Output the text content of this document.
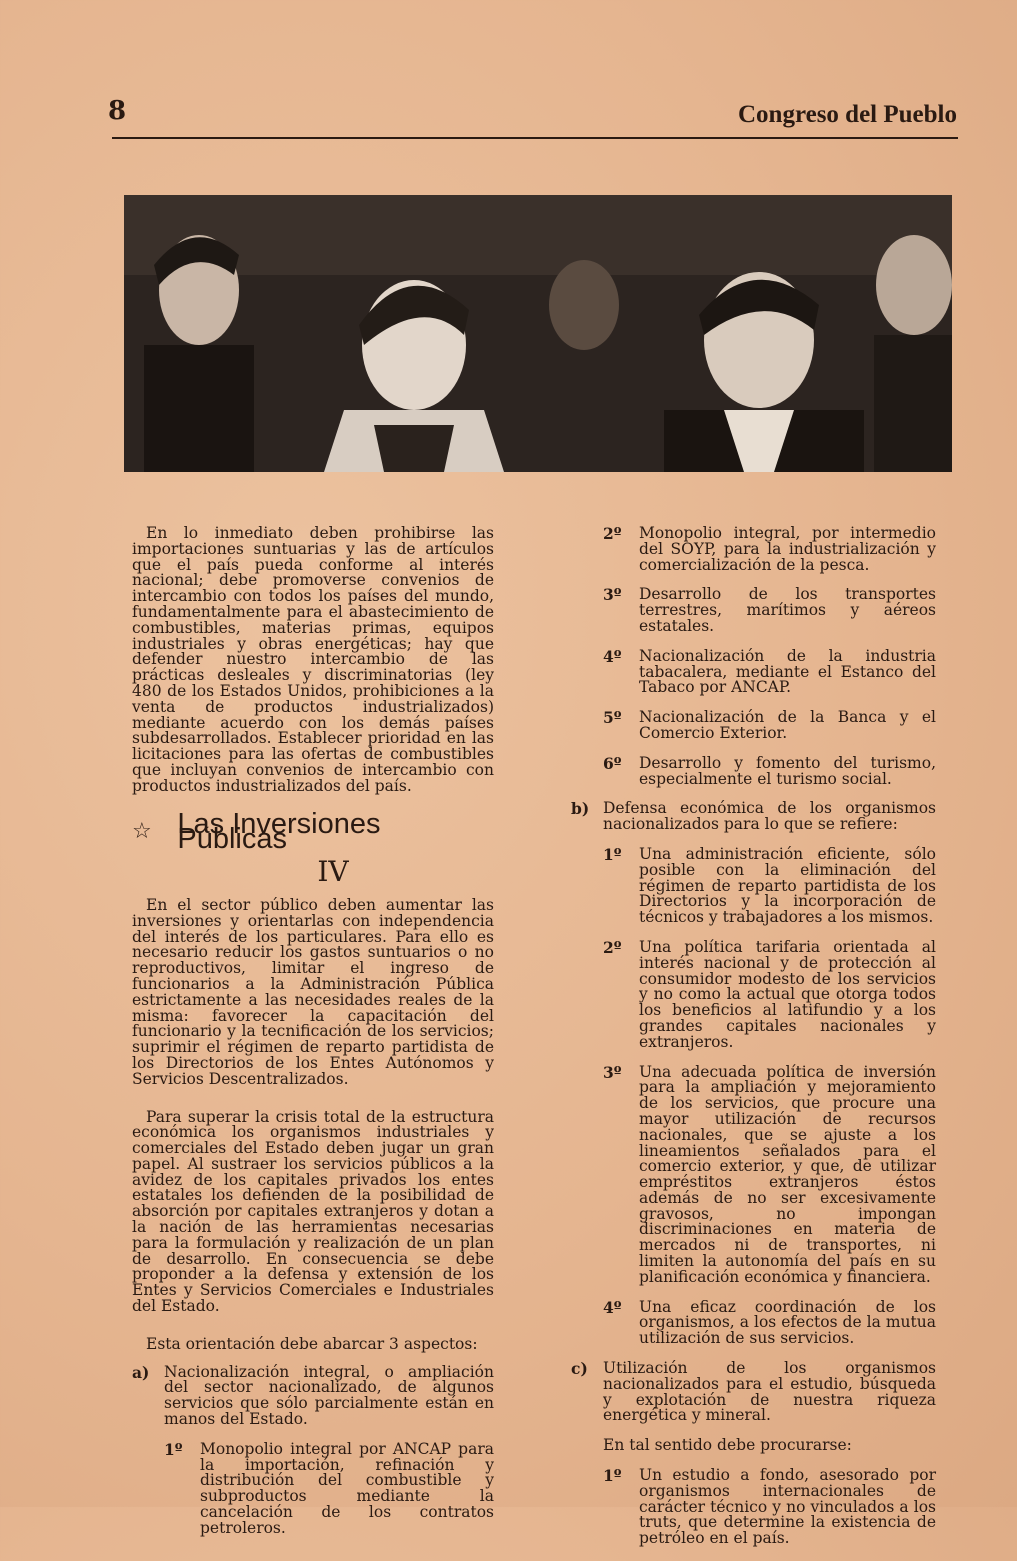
8	Congreso del Pueblo

En lo inmediato deben prohibirse las importaciones suntuarias y las de artículos que el país pueda conforme al interés nacional; debe promoverse convenios de intercambio con todos los países del mundo, fundamentalmente para el abastecimiento de combustibles, materias primas, equipos industriales y obras energéticas; hay que defender nuestro intercambio de las prácticas desleales y discriminatorias (ley 480 de los Estados Unidos, prohibiciones a la venta de productos industrializados) mediante acuerdo con los demás países subdesarrollados. Establecer prioridad en las licitaciones para las ofertas de combustibles que incluyan convenios de intercambio con productos industrializados del país.

☆ Las Inversiones Públicas
IV

En el sector público deben aumentar las inversiones y orientarlas con independencia del interés de los particulares. Para ello es necesario reducir los gastos suntuarios o no reproductivos, limitar el ingreso de funcionarios a la Administración Pública estrictamente a las necesidades reales de la misma: favorecer la capacitación del funcionario y la tecnificación de los servicios; suprimir el régimen de reparto partidista de los Directorios de los Entes Autónomos y Servicios Descentralizados.

Para superar la crisis total de la estructura económica los organismos industriales y comerciales del Estado deben jugar un gran papel. Al sustraer los servicios públicos a la avidez de los capitales privados los entes estatales los defienden de la posibilidad de absorción por capitales extranjeros y dotan a la nación de las herramientas necesarias para la formulación y realización de un plan de desarrollo. En consecuencia se debe proponder a la defensa y extensión de los Entes y Servicios Comerciales e Industriales del Estado.

Esta orientación debe abarcar 3 aspectos:

a) Nacionalización integral, o ampliación del sector nacionalizado, de algunos servicios que sólo parcialmente están en manos del Estado.
1º	Monopolio integral por ANCAP para la importación, refinación y distribución del combustible y subproductos mediante la cancelación de los contratos petroleros.
2º	Monopolio integral, por intermedio del SOYP, para la industrialización y comercialización de la pesca.
3º	Desarrollo de los transportes terrestres, marítimos y aéreos estatales.
4º	Nacionalización de la industria tabacalera, mediante el Estanco del Tabaco por ANCAP.
5º	Nacionalización de la Banca y el Comercio Exterior.
6º	Desarrollo y fomento del turismo, especialmente el turismo social.
b) Defensa económica de los organismos nacionalizados para lo que se refiere:
1º	Una administración eficiente, sólo posible con la eliminación del régimen de reparto partidista de los Directorios y la incorporación de técnicos y trabajadores a los mismos.
2º	Una política tarifaria orientada al interés nacional y de protección al consumidor modesto de los servicios y no como la actual que otorga todos los beneficios al latifundio y a los grandes capitales nacionales y extranjeros.
3º	Una adecuada política de inversión para la ampliación y mejoramiento de los servicios, que procure una mayor utilización de recursos nacionales, que se ajuste a los lineamientos señalados para el comercio exterior, y que, de utilizar empréstitos extranjeros éstos además de no ser excesivamente gravosos, no impongan discriminaciones en materia de mercados ni de transportes, ni limiten la autonomía del país en su planificación económica y financiera.
4º	Una eficaz coordinación de los organismos, a los efectos de la mutua utilización de sus servicios.
c) Utilización de los organismos nacionalizados para el estudio, búsqueda y explotación de nuestra riqueza energética y mineral.

En tal sentido debe procurarse:

1º	Un estudio a fondo, asesorado por organismos internacionales de carácter técnico y no vinculados a los truts, que determine la existencia de petróleo en el país.
